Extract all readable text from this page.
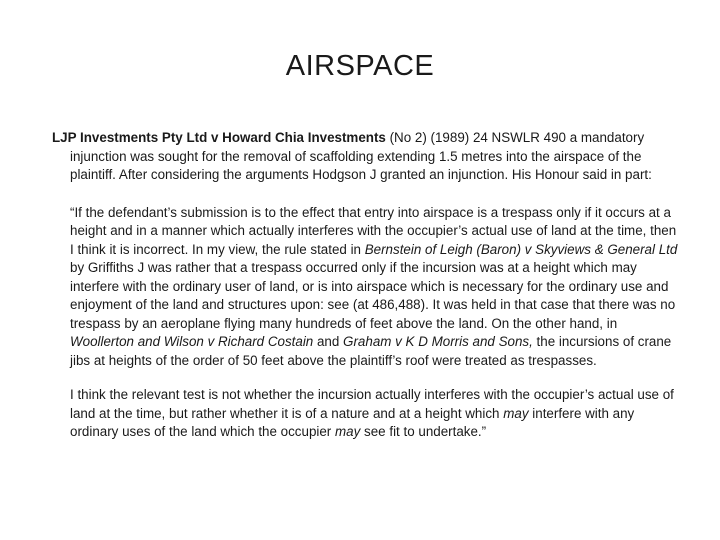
AIRSPACE

LJP Investments Pty Ltd v Howard Chia Investments (No 2) (1989) 24 NSWLR 490 a mandatory injunction was sought for the removal of scaffolding extending 1.5 metres into the airspace of the plaintiff. After considering the arguments Hodgson J granted an injunction. His Honour said in part:

“If the defendant’s submission is to the effect that entry into airspace is a trespass only if it occurs at a height and in a manner which actually interferes with the occupier’s actual use of land at the time, then I think it is incorrect. In my view, the rule stated in Bernstein of Leigh (Baron) v Skyviews & General Ltd by Griffiths J was rather that a trespass occurred only if the incursion was at a height which may interfere with the ordinary user of land, or is into airspace which is necessary for the ordinary use and enjoyment of the land and structures upon: see (at 486,488). It was held in that case that there was no trespass by an aeroplane flying many hundreds of feet above the land. On the other hand, in Woollerton and Wilson v Richard Costain and Graham v K D Morris and Sons, the incursions of crane jibs at heights of the order of 50 feet above the plaintiff’s roof were treated as trespasses.

I think the relevant test is not whether the incursion actually interferes with the occupier’s actual use of land at the time, but rather whether it is of a nature and at a height which may interfere with any ordinary uses of the land which the occupier may see fit to undertake.”
